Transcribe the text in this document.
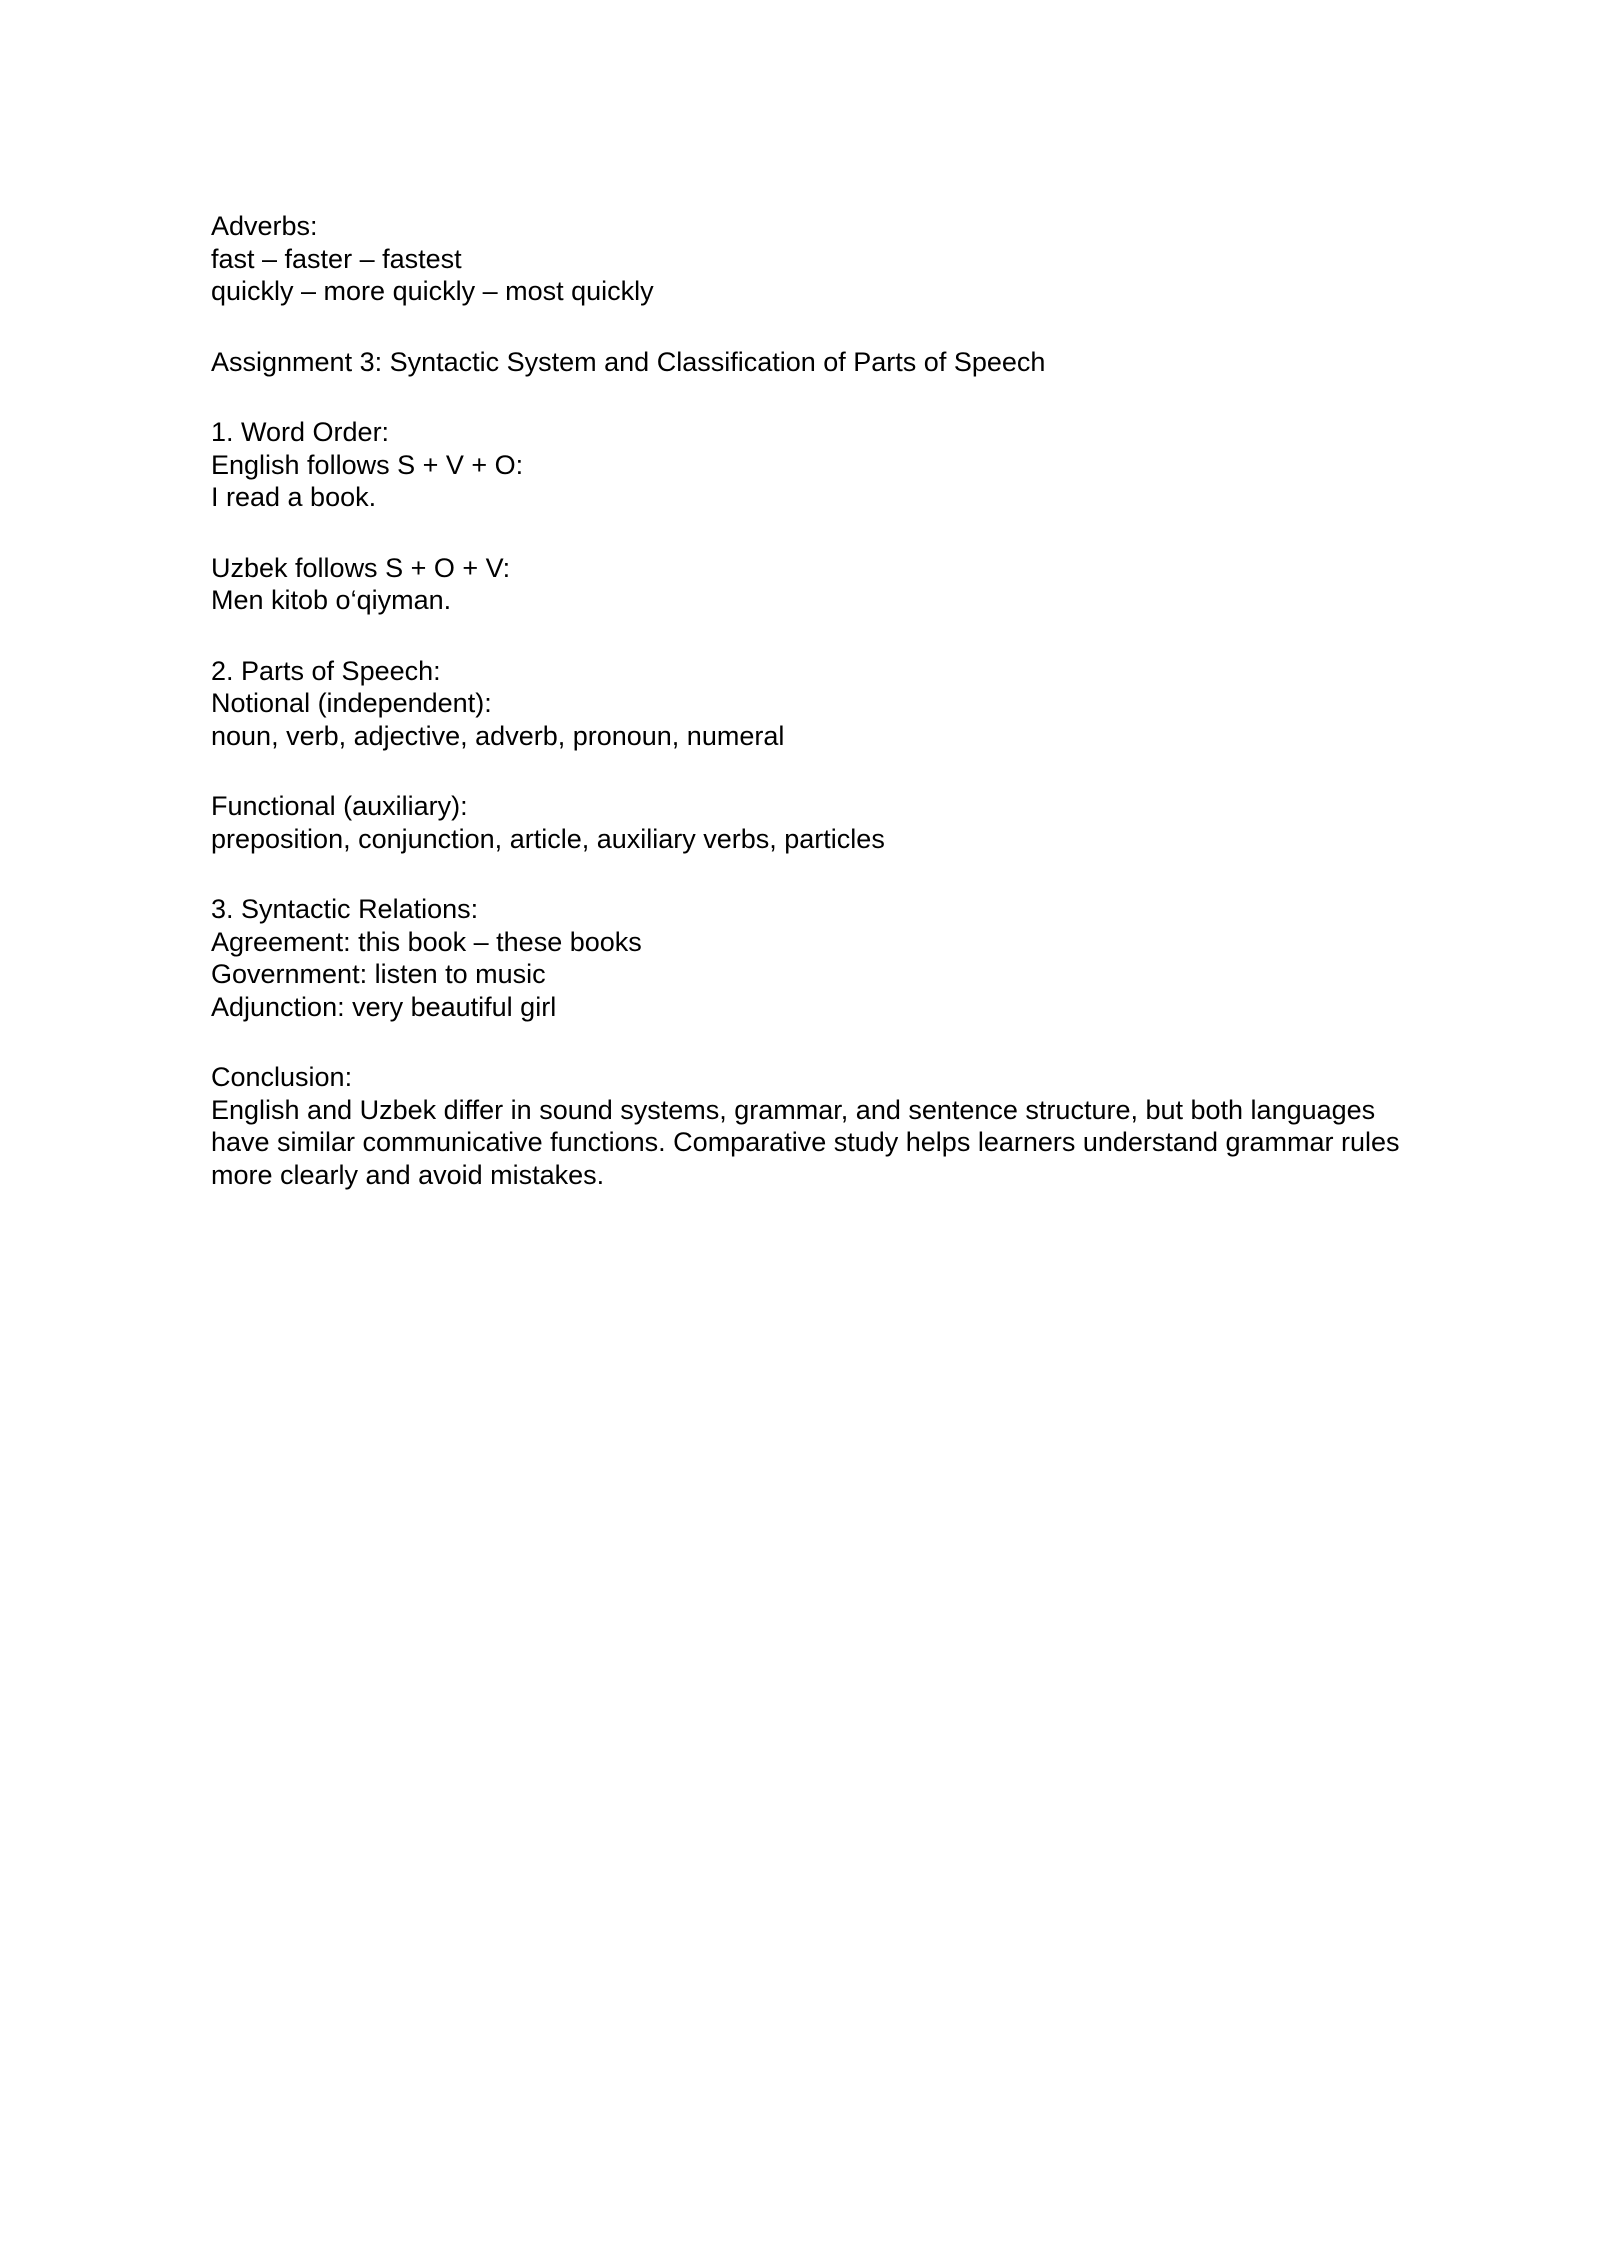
Adverbs:
fast – faster – fastest
quickly – more quickly – most quickly
Assignment 3: Syntactic System and Classification of Parts of Speech
1. Word Order:
English follows S + V + O:
I read a book.
Uzbek follows S + O + V:
Men kitob o‘qiyman.
2. Parts of Speech:
Notional (independent):
noun, verb, adjective, adverb, pronoun, numeral
Functional (auxiliary):
preposition, conjunction, article, auxiliary verbs, particles
3. Syntactic Relations:
Agreement: this book – these books
Government: listen to music
Adjunction: very beautiful girl
Conclusion:
English and Uzbek differ in sound systems, grammar, and sentence structure, but both languages
have similar communicative functions. Comparative study helps learners understand grammar rules
more clearly and avoid mistakes.
